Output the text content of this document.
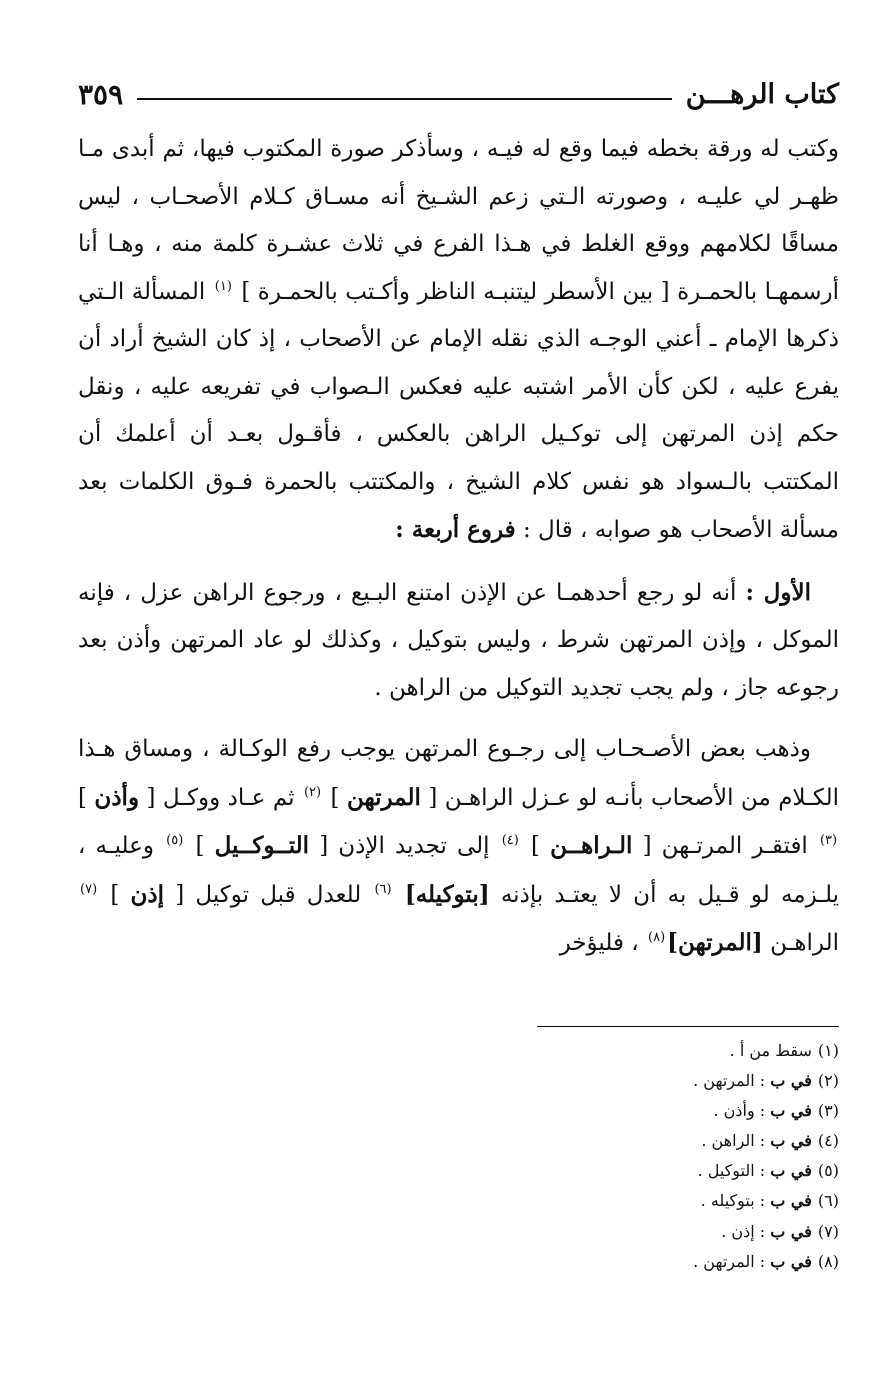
كتاب الرهـــن
٣٥٩

وكتب له ورقة بخطه فيما وقع له فيـه ، وسأذكر صورة المكتوب فيها، ثم أبدى مـا ظهـر لي عليـه ، وصورته الـتي زعم الشـيخ أنه مسـاق كـلام الأصحـاب ، ليس مساقًا لكلامهم ووقع الغلط في هـذا الفرع في ثلاث عشـرة كلمة منه ، وهـا أنا أرسمهـا بالحمـرة [ بين الأسطر ليتنبـه الناظر وأكـتب بالحمـرة ] $^{(١)}$ المسألة الـتي ذكرها الإمام ـ أعني الوجـه الذي نقله الإمام عن الأصحاب ، إذ كان الشيخ أراد أن يفرع عليه ، لكن كأن الأمر اشتبه عليه فعكس الـصواب في تفريعه عليه ، ونقل حكم إذن المرتهن إلى توكـيل الراهن بالعكس ، فأقـول بعـد أن أعلمك أن المكتتب بالـسواد هو نفس كلام الشيخ ، والمكتتب بالحمرة فـوق الكلمات بعد مسألة الأصحاب هو صوابه ، قال : فروع أربعة :

الأول : أنه لو رجع أحدهمـا عن الإذن امتنع البـيع ، ورجوع الراهن عزل ، فإنه الموكل ، وإذن المرتهن شرط ، وليس بتوكيل ، وكذلك لو عاد المرتهن وأذن بعد رجوعه جاز ، ولم يجب تجديد التوكيل من الراهن .

وذهب بعض الأصـحـاب إلى رجـوع المرتهن يوجب رفع الوكـالة ، ومساق هـذا الكـلام من الأصحاب بأنـه لو عـزل الراهـن [ المرتهن ] $^{(٢)}$ ثم عـاد ووكـل [ وأذن ] $^{(٣)}$ افتقـر المرتـهن [ الـراهــن ] $^{(٤)}$ إلى تجديد الإذن [ التــوكــيل ] $^{(٥)}$ وعليـه ، يلـزمه لو قـيل به أن لا يعتـد بإذنه [بتوكيله] $^{(٦)}$ للعدل قبل توكيل [ إذن ] $^{(٧)}$ الراهـن [المرتهن]$^{(٨)}$ ، فليؤخر

(١)سقط من أ .
(٢)في ب : المرتهن .
(٣)في ب : وأذن .
(٤)في ب : الراهن .
(٥)في ب : التوكيل .
(٦)في ب : بتوكيله .
(٧)في ب : إذن .
(٨)في ب : المرتهن .
